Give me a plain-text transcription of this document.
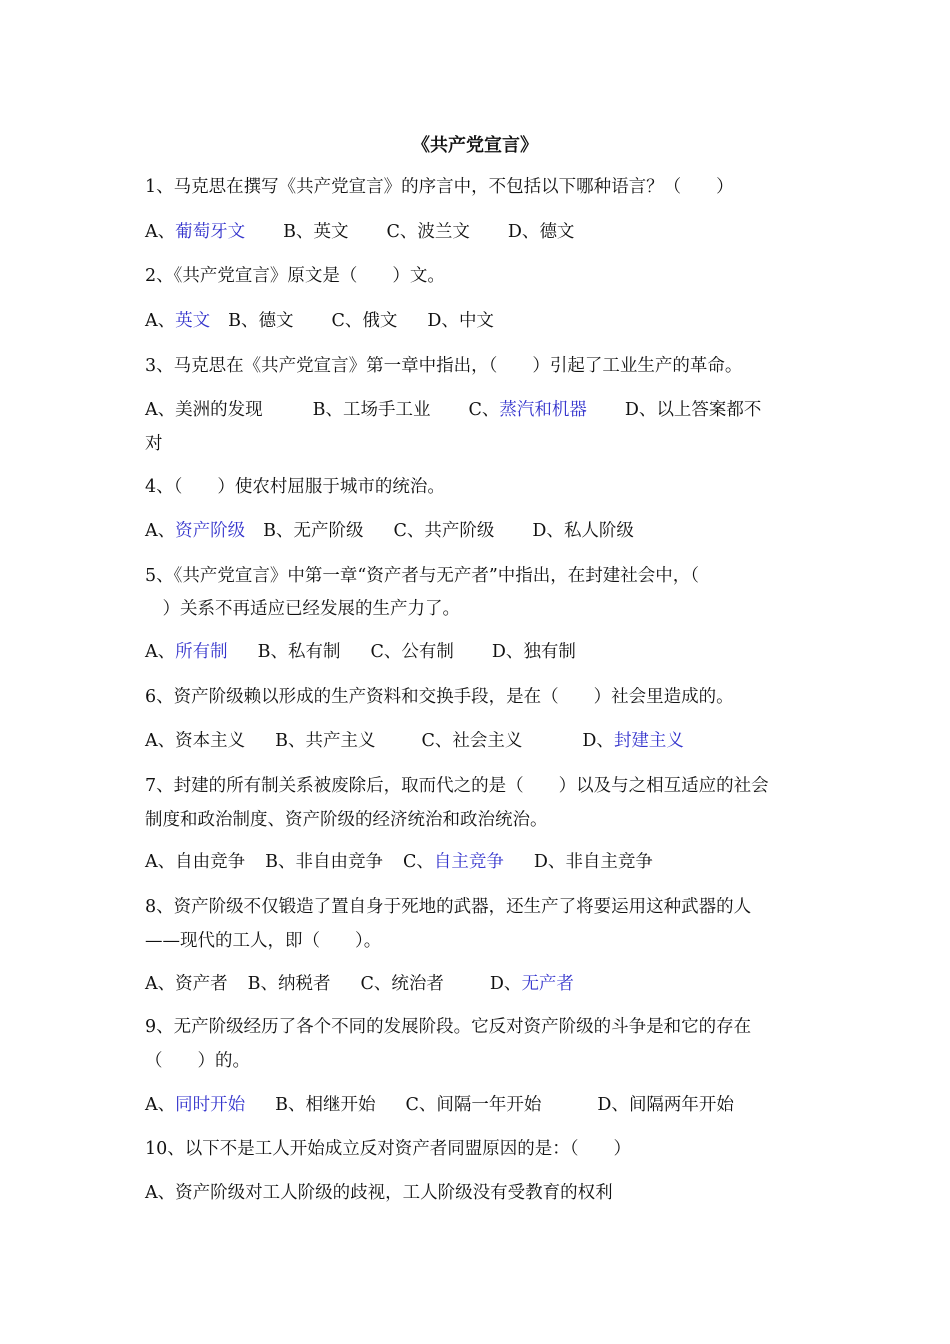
《共产党宣言》
1、马克思在撰写《共产党宣言》的序言中，不包括以下哪种语言？（　　）
A、葡萄牙文 B、英文 C、波兰文 D、德文
2、《共产党宣言》原文是（　　）文。
A、英文 B、德文 C、俄文 D、中文
3、马克思在《共产党宣言》第一章中指出，（　　）引起了工业生产的革命。
A、美洲的发现	B、工场手工业 C、蒸汽和机器 D、以上答案都不
对
4、（　　）使农村屈服于城市的统治。
A、资产阶级 B、无产阶级 C、共产阶级 D、私人阶级
5、《共产党宣言》中第一章“资产者与无产者”中指出，在封建社会中，（
　）关系不再适应已经发展的生产力了。
A、所有制 B、私有制 C、公有制 D、独有制
6、资产阶级赖以形成的生产资料和交换手段，是在（　　）社会里造成的。
A、资本主义 B、共产主义	C、社会主义	D、封建主义
7、封建的所有制关系被废除后，取而代之的是（　　）以及与之相互适应的社会
制度和政治制度、资产阶级的经济统治和政治统治。
A、自由竞争 B、非自由竞争 C、自主竞争 D、非自主竞争
8、资产阶级不仅锻造了置自身于死地的武器，还生产了将要运用这种武器的人
——现代的工人，即（　　）。
A、资产者 B、纳税者 C、统治者	D、无产者
9、无产阶级经历了各个不同的发展阶段。它反对资产阶级的斗争是和它的存在
（　　）的。
A、同时开始 B、相继开始 C、间隔一年开始	D、间隔两年开始
10、以下不是工人开始成立反对资产者同盟原因的是：（　　）
A、资产阶级对工人阶级的歧视，工人阶级没有受教育的权利
